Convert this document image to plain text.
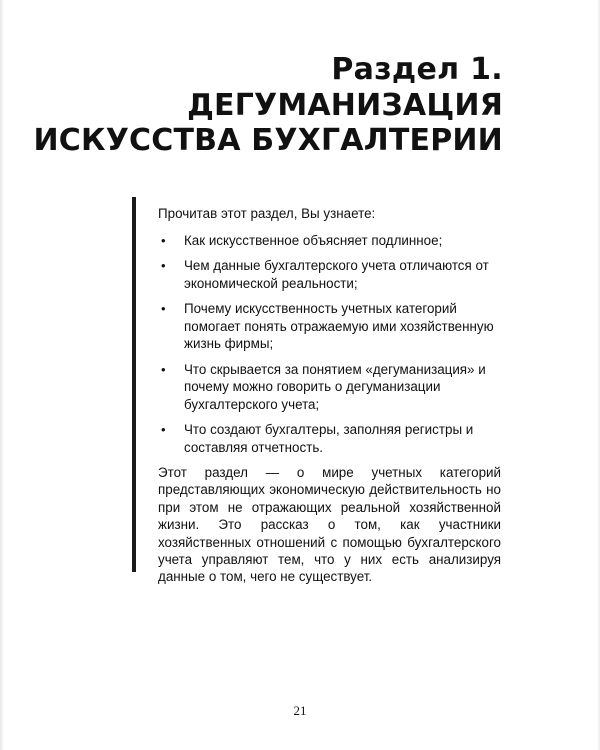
Раздел 1.
ДЕГУМАНИЗАЦИЯ
ИСКУССТВА БУХГАЛТЕРИИ

Прочитав этот раздел, Вы узнаете:

• Как искусственное объясняет подлинное;
• Чем данные бухгалтерского учета отличаются от экономической реальности;
• Почему искусственность учетных категорий помогает понять отражаемую ими хозяйственную жизнь фирмы;
• Что скрывается за понятием «дегуманизация» и почему можно говорить о дегуманизации бухгалтерского учета;
• Что создают бухгалтеры, заполняя регистры и составляя отчетность.

Этот раздел — о мире учетных категорий представляющих экономическую действительность но при этом не отражающих реальной хозяйственной жизни. Это рассказ о том, как участники хозяйственных отношений с помощью бухгалтерского учета управляют тем, что у них есть анализируя данные о том, чего не существует.

21
